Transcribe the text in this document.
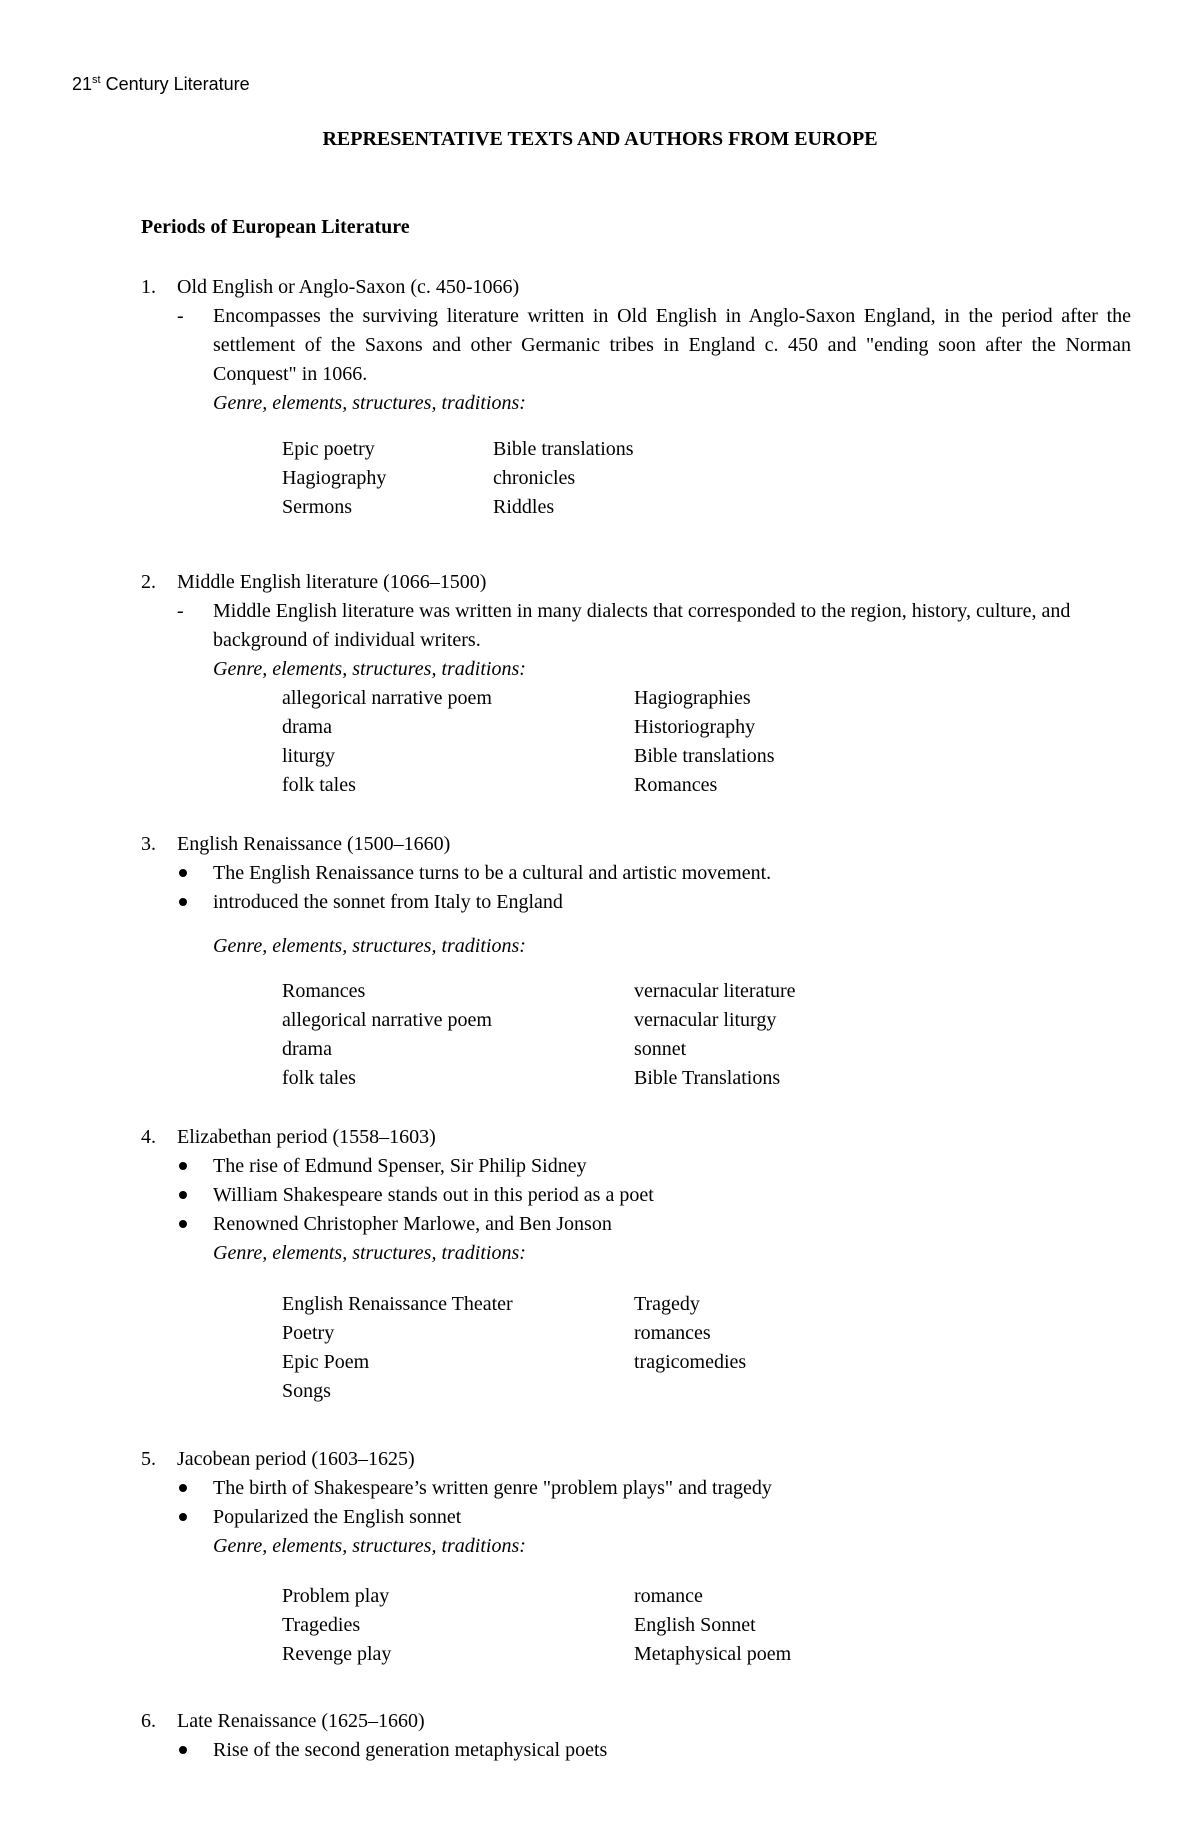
21st Century Literature
REPRESENTATIVE TEXTS AND AUTHORS FROM EUROPE
Periods of European Literature
1.	Old English or Anglo-Saxon (c. 450-1066)
-	Encompasses the surviving literature written in Old English in Anglo-Saxon England, in the period after the settlement of the Saxons and other Germanic tribes in England c. 450 and "ending soon after the Norman Conquest" in 1066.
Genre, elements, structures, traditions:
Epic poetry	Bible translations
Hagiography	chronicles
Sermons	Riddles
2.	Middle English literature (1066–1500)
-	Middle English literature was written in many dialects that corresponded to the region, history, culture, and background of individual writers.
Genre, elements, structures, traditions:
allegorical narrative poem	Hagiographies
drama	Historiography
liturgy	Bible translations
folk tales	Romances
3.	English Renaissance (1500–1660)
The English Renaissance turns to be a cultural and artistic movement.
introduced the sonnet from Italy to England
Genre, elements, structures, traditions:
Romances	vernacular literature
allegorical narrative poem	vernacular liturgy
drama	sonnet
folk tales	Bible Translations
4.	Elizabethan period (1558–1603)
The rise of Edmund Spenser, Sir Philip Sidney
William Shakespeare stands out in this period as a poet
Renowned Christopher Marlowe, and Ben Jonson
Genre, elements, structures, traditions:
English Renaissance Theater	Tragedy
Poetry	romances
Epic Poem	tragicomedies
Songs
5.	Jacobean period (1603–1625)
The birth of Shakespeare’s written genre "problem plays" and tragedy
Popularized the English sonnet
Genre, elements, structures, traditions:
Problem play	romance
Tragedies	English Sonnet
Revenge play	Metaphysical poem
6.	Late Renaissance (1625–1660)
Rise of the second generation metaphysical poets
